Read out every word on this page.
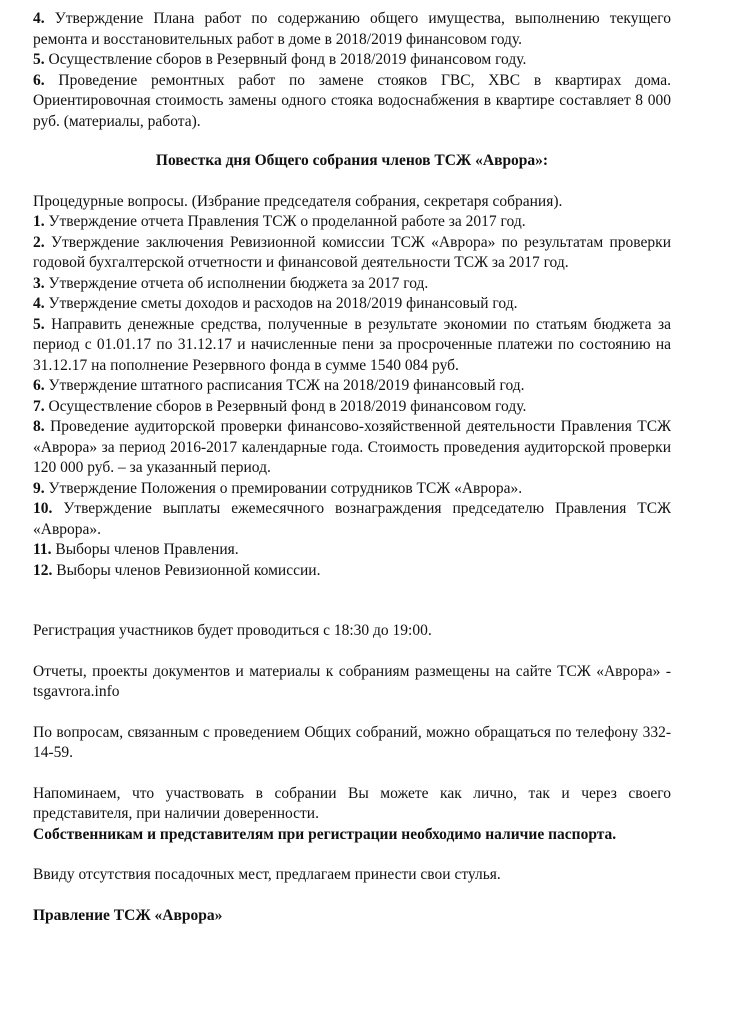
4. Утверждение Плана работ по содержанию общего имущества, выполнению текущего ремонта и восстановительных работ в доме в 2018/2019 финансовом году.

5. Осуществление сборов в Резервный фонд в 2018/2019 финансовом году.

6. Проведение ремонтных работ по замене стояков ГВС, ХВС в квартирах дома. Ориентировочная стоимость замены одного стояка водоснабжения в квартире составляет 8 000 руб. (материалы, работа).

Повестка дня Общего собрания членов ТСЖ «Аврора»:

Процедурные вопросы. (Избрание председателя собрания, секретаря собрания).

1. Утверждение отчета Правления ТСЖ о проделанной работе за 2017 год.

2. Утверждение заключения Ревизионной комиссии ТСЖ «Аврора» по результатам проверки годовой бухгалтерской отчетности и финансовой деятельности ТСЖ за 2017 год.

3. Утверждение отчета об исполнении бюджета за 2017 год.

4. Утверждение сметы доходов и расходов на 2018/2019 финансовый год.

5. Направить денежные средства, полученные в результате экономии по статьям бюджета за период с 01.01.17 по 31.12.17 и начисленные пени за просроченные платежи по состоянию на 31.12.17 на пополнение Резервного фонда в сумме 1540 084 руб.

6. Утверждение штатного расписания ТСЖ на 2018/2019 финансовый год.

7. Осуществление сборов в Резервный фонд в 2018/2019 финансовом году.

8. Проведение аудиторской проверки финансово-хозяйственной деятельности Правления ТСЖ «Аврора» за период 2016-2017 календарные года. Стоимость проведения аудиторской проверки 120 000 руб. – за указанный период.

9. Утверждение Положения о премировании сотрудников ТСЖ «Аврора».

10. Утверждение выплаты ежемесячного вознаграждения председателю Правления ТСЖ «Аврора».

11. Выборы членов Правления.

12. Выборы членов Ревизионной комиссии.

Регистрация участников будет проводиться с 18:30 до 19:00.

Отчеты, проекты документов и материалы к собраниям размещены на сайте ТСЖ «Аврора» - tsgavrora.info

По вопросам, связанным с проведением Общих собраний, можно обращаться по телефону 332-14-59.

Напоминаем, что участвовать в собрании Вы можете как лично, так и через своего представителя, при наличии доверенности.

Собственникам и представителям при регистрации необходимо наличие паспорта.

Ввиду отсутствия посадочных мест, предлагаем принести свои стулья.

Правление ТСЖ «Аврора»
